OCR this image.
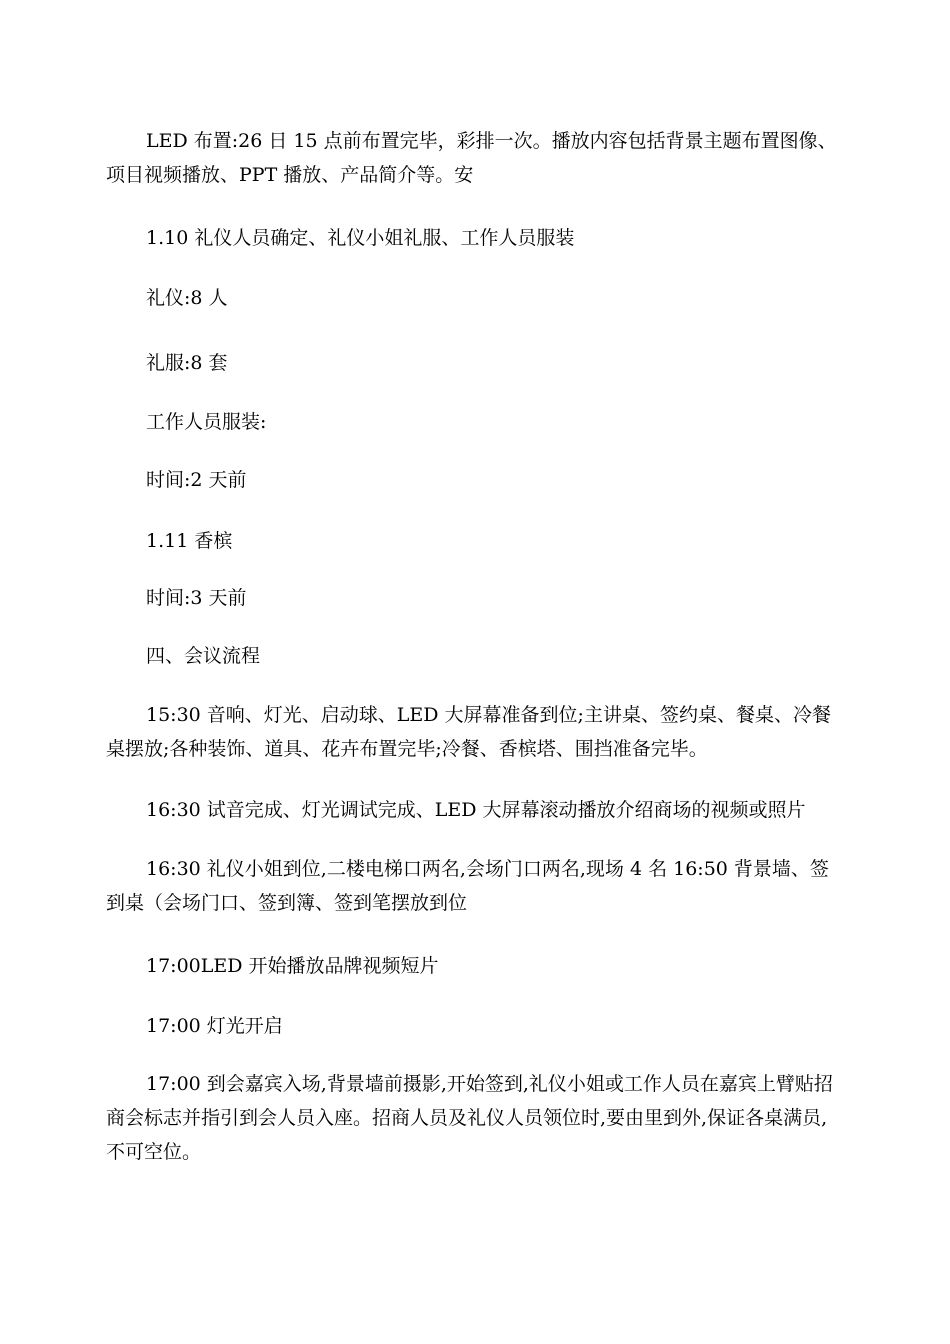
LED 布置:26 日 15 点前布置完毕，彩排一次。播放内容包括背景主题布置图像、项目视频播放、PPT 播放、产品简介等。安

1.10 礼仪人员确定、礼仪小姐礼服、工作人员服装

礼仪:8 人

礼服:8 套

工作人员服装:

时间:2 天前

1.11 香槟

时间:3 天前

四、会议流程

15:30 音响、灯光、启动球、LED 大屏幕准备到位;主讲桌、签约桌、餐桌、冷餐桌摆放;各种装饰、道具、花卉布置完毕;冷餐、香槟塔、围挡准备完毕。

16:30 试音完成、灯光调试完成、LED 大屏幕滚动播放介绍商场的视频或照片

16:30 礼仪小姐到位,二楼电梯口两名,会场门口两名,现场 4 名 16:50 背景墙、签到桌（会场门口、签到簿、签到笔摆放到位

17:00LED 开始播放品牌视频短片

17:00 灯光开启

17:00 到会嘉宾入场,背景墙前摄影,开始签到,礼仪小姐或工作人员在嘉宾上臂贴招商会标志并指引到会人员入座。招商人员及礼仪人员领位时,要由里到外,保证各桌满员,不可空位。
